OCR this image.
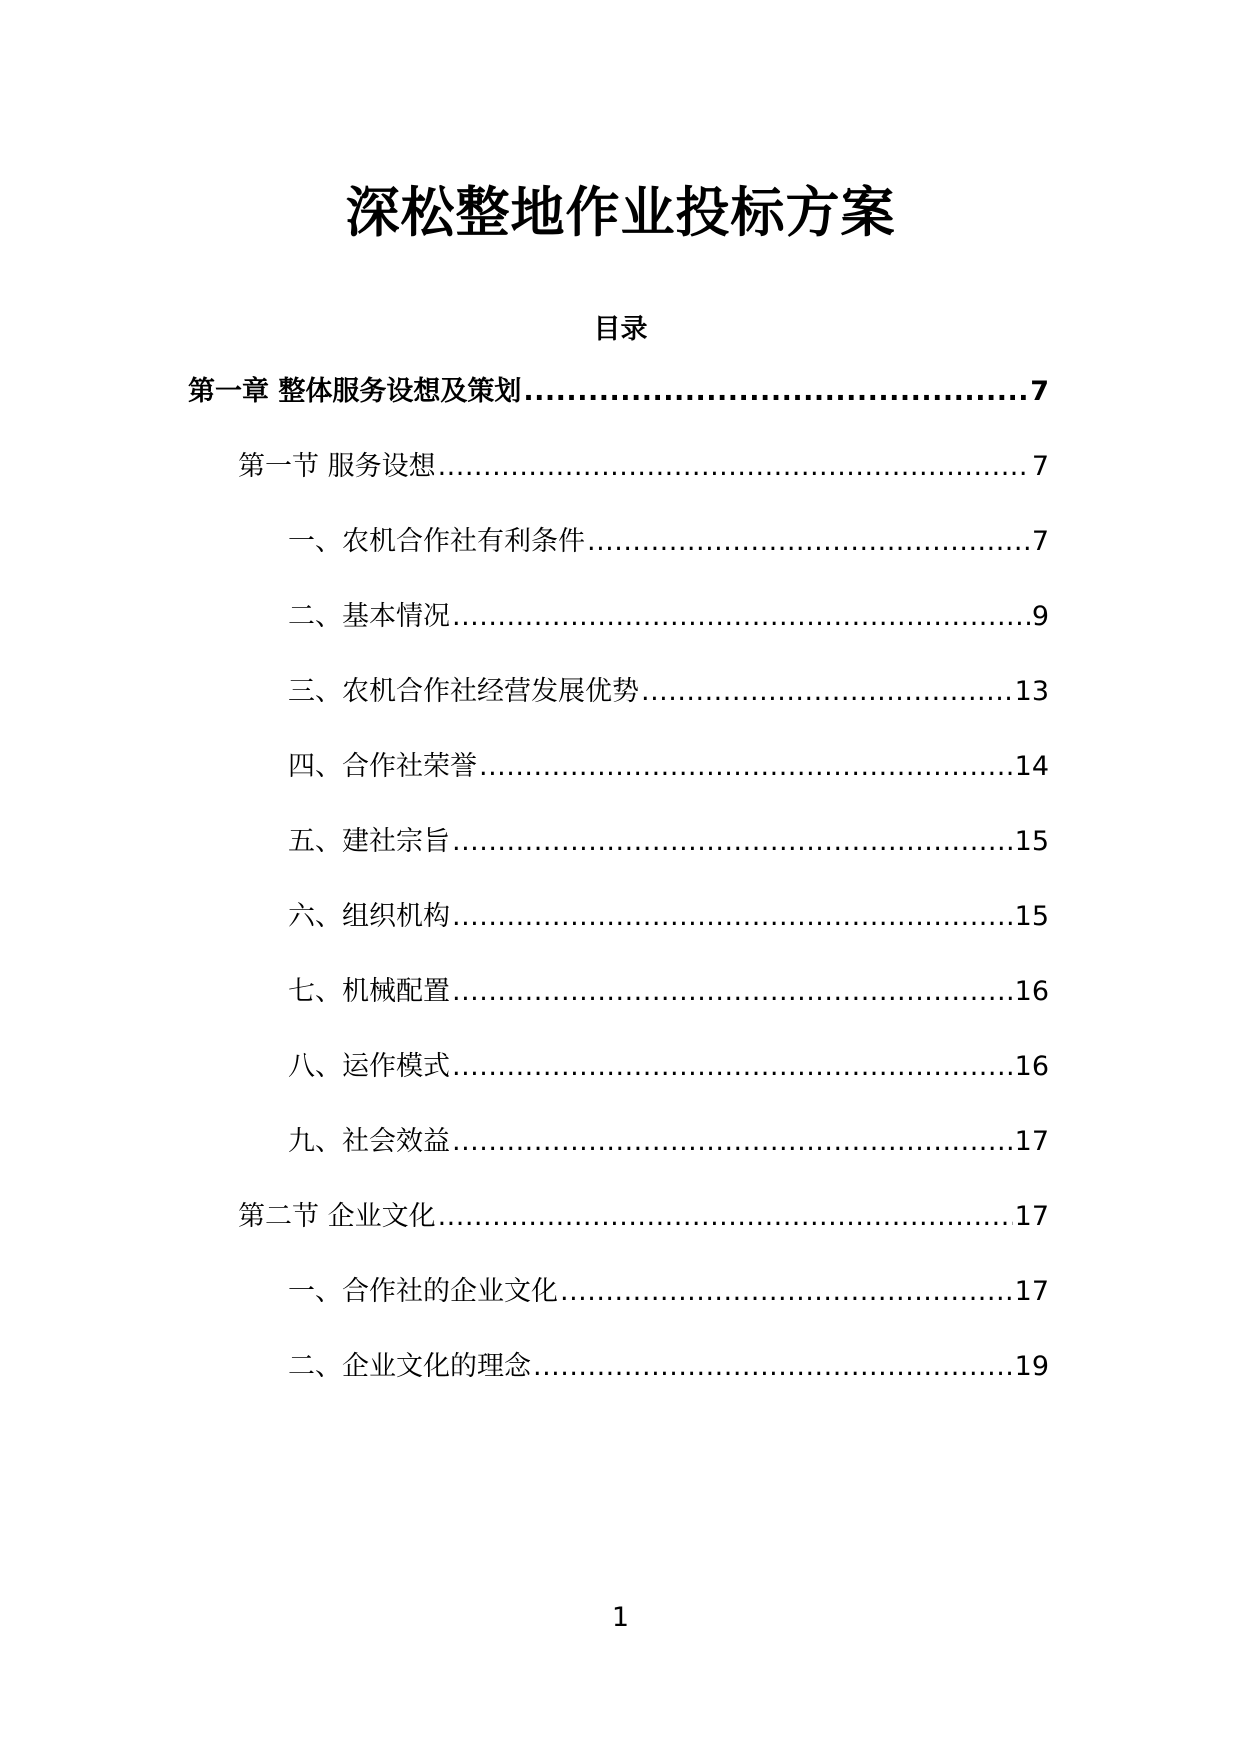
深松整地作业投标方案
目录
第一章 整体服务设想及策划 .....	7
第一节 服务设想 .....	7
一、农机合作社有利条件 .....	7
二、基本情况 .....	9
三、农机合作社经营发展优势 .....	13
四、合作社荣誉 .....	14
五、建社宗旨 .....	15
六、组织机构 .....	15
七、机械配置 .....	16
八、运作模式 .....	16
九、社会效益 .....	17
第二节 企业文化 .....	17
一、合作社的企业文化 .....	17
二、企业文化的理念 .....	19
1
